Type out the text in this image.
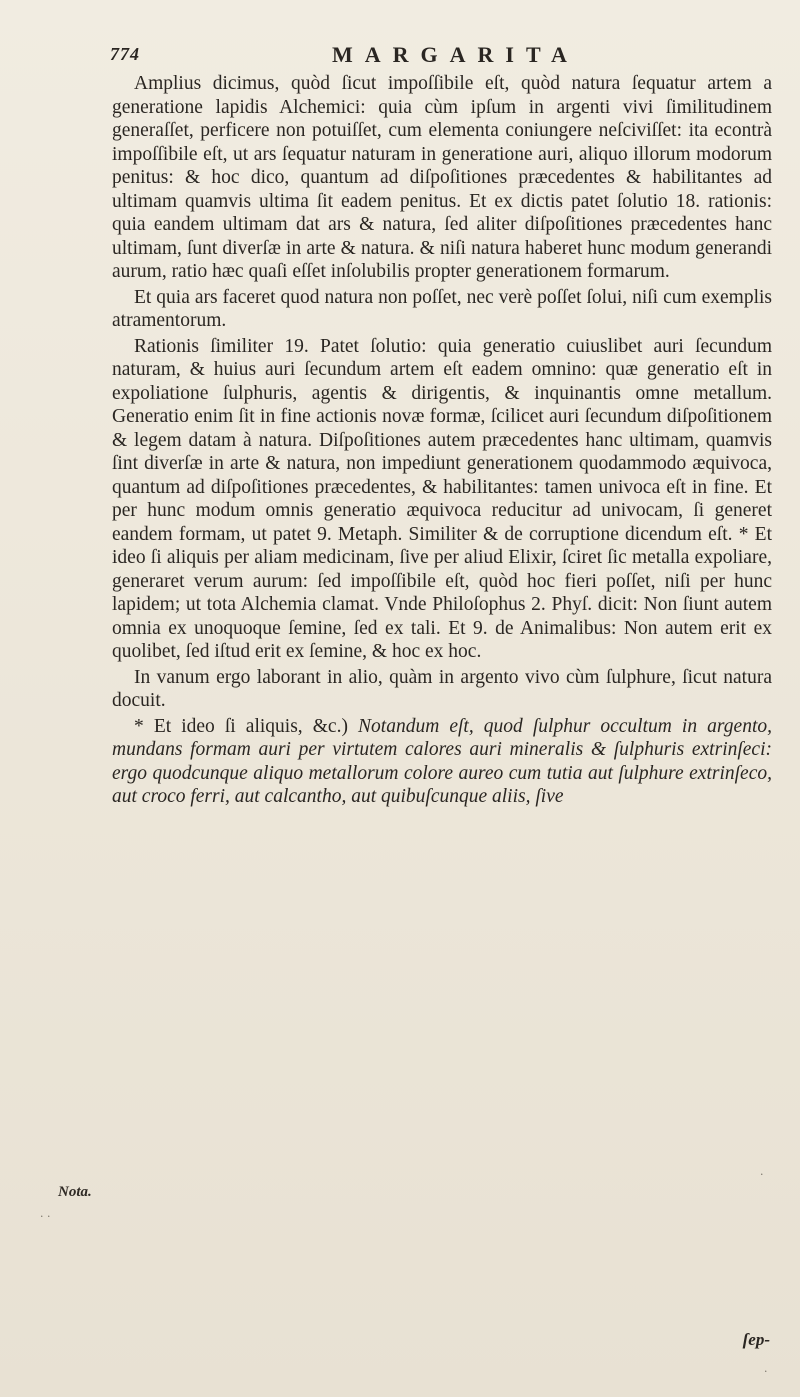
774	MARGARITA

Amplius dicimus, quòd ſicut impoſſibile eſt, quòd natura ſequatur artem a generatione lapidis Alchemici: quia cùm ipſum in argenti vivi ſimilitudinem generaſſet, perficere non potuiſſet, cum elementa coniungere neſciviſſet: ita econtrà impoſſibile eſt, ut ars ſequatur naturam in generatione auri, aliquo illorum modorum penitus: & hoc dico, quantum ad diſpoſitiones præcedentes & habilitantes ad ultimam quamvis ultima ſit eadem penitus. Et ex dictis patet ſolutio 18. rationis: quia eandem ultimam dat ars & natura, ſed aliter diſpoſitiones præcedentes hanc ultimam, ſunt diverſæ in arte & natura. & niſi natura haberet hunc modum generandi aurum, ratio hæc quaſi eſſet inſolubilis propter generationem formarum.

Et quia ars faceret quod natura non poſſet, nec verè poſſet ſolui, niſi cum exemplis atramentorum.

Rationis ſimiliter 19. Patet ſolutio: quia generatio cuiuslibet auri ſecundum naturam, & huius auri ſecundum artem eſt eadem omnino: quæ generatio eſt in expoliatione ſulphuris, agentis & dirigentis, & inquinantis omne metallum. Generatio enim ſit in fine actionis novæ formæ, ſcilicet auri ſecundum diſpoſitionem & legem datam à natura. Diſpoſitiones autem præcedentes hanc ultimam, quamvis ſint diverſæ in arte & natura, non impediunt generationem quodammodo æquivoca, quantum ad diſpoſitiones præcedentes, & habilitantes: tamen univoca eſt in fine. Et per hunc modum omnis generatio æquivoca reducitur ad univocam, ſi generet eandem formam, ut patet 9. Metaph. Similiter & de corruptione dicendum eſt. * Et ideo ſi aliquis per aliam medicinam, ſive per aliud Elixir, ſciret ſic metalla expoliare, generaret verum aurum: ſed impoſſibile eſt, quòd hoc fieri poſſet, niſi per hunc lapidem; ut tota Alchemia clamat. Vnde Philoſophus 2. Phyſ. dicit: Non ſiunt autem omnia ex unoquoque ſemine, ſed ex tali. Et 9. de Animalibus: Non autem erit ex quolibet, ſed iſtud erit ex ſemine, & hoc ex hoc.

In vanum ergo laborant in alio, quàm in argento vivo cùm ſulphure, ſicut natura docuit.

* Et ideo ſi aliquis, &c.) Notandum eſt, quod ſulphur occultum in argento, mundans formam auri per virtutem calores auri mineralis & ſulphuris extrinſeci: ergo quodcunque aliquo metallorum colore aureo cum tutia aut ſulphure extrinſeco, aut croco ferri, aut calcantho, aut quibuſcunque aliis, ſive

Nota.
ſep-
·
· ·
·
